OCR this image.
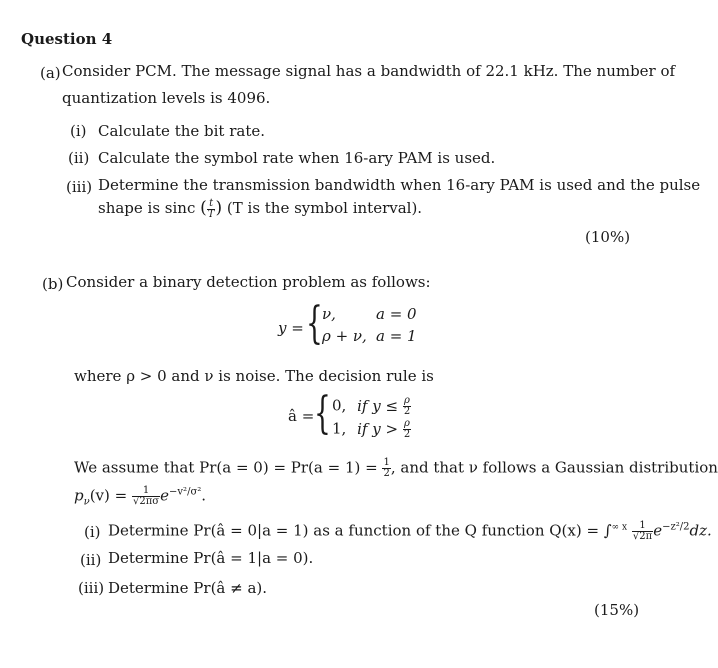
Question 4
(a) Consider PCM. The message signal has a bandwidth of 22.1 kHz. The number of
quantization levels is 4096.
(i) Calculate the bit rate.
(ii) Calculate the symbol rate when 16-ary PAM is used.
(iii) Determine the transmission bandwidth when 16-ary PAM is used and the pulse
shape is sinc ( $\frac{t}{T}$ ) (T is the symbol interval).
(10%)
(b) Consider a binary detection problem as follows:
y = { ν,	a = 0
ρ + ν, a = 1
where ρ > 0 and ν is noise. The decision rule is
â = { 0, if $y \le \frac{\rho}{2}$
1, if $y > \frac{\rho}{2}$
We assume that $Pr(a = 0) = Pr(a = 1) = \frac{1}{2}$ , and that ν follows a Gaussian distribution
$p_\nu(v) = \frac{1}{√2\pi\sigma} e^{-v^2/\sigma^2}$.
(i) Determine Pr(â = 0|a = 1) as a function of the Q function $Q(x) = \int^{\infty x} \frac{1}{√2\pi} e^{-z^2/2}dz$.
(ii) Determine Pr(â = 1|a = 0).
(iii) Determine Pr(â ≠ a).
(15%)
